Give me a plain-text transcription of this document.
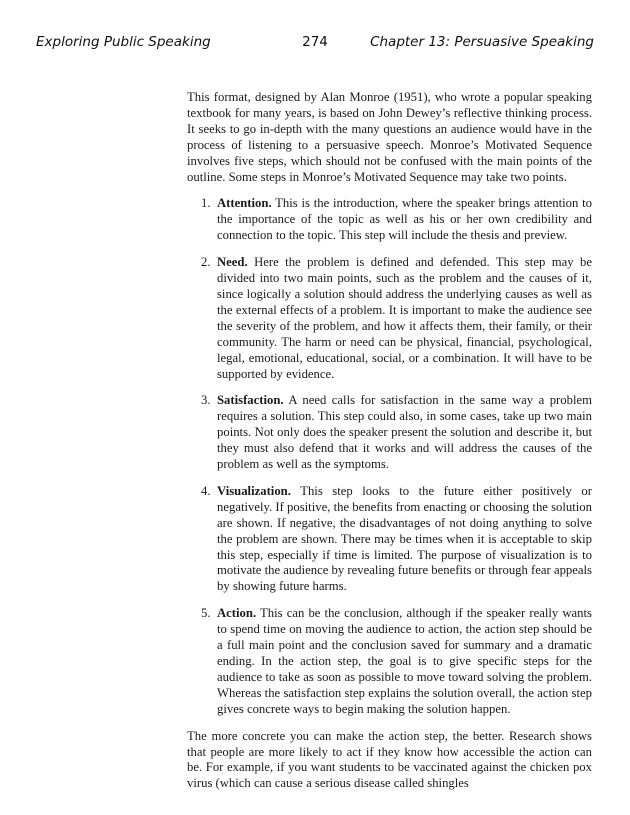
Exploring Public Speaking	274	Chapter 13: Persuasive Speaking

This format, designed by Alan Monroe (1951), who wrote a popular speaking textbook for many years, is based on John Dewey’s reflective thinking process. It seeks to go in-depth with the many questions an audience would have in the process of listening to a persuasive speech. Monroe’s Motivated Sequence involves five steps, which should not be confused with the main points of the outline. Some steps in Monroe’s Motivated Sequence may take two points.

1. Attention. This is the introduction, where the speaker brings attention to the importance of the topic as well as his or her own credibility and connection to the topic. This step will include the thesis and preview.
2. Need. Here the problem is defined and defended. This step may be divided into two main points, such as the problem and the causes of it, since logically a solution should address the underlying causes as well as the external effects of a problem. It is important to make the audience see the severity of the problem, and how it affects them, their family, or their community. The harm or need can be physical, financial, psychological, legal, emotional, educational, social, or a combination. It will have to be supported by evidence.
3. Satisfaction. A need calls for satisfaction in the same way a problem requires a solution. This step could also, in some cases, take up two main points. Not only does the speaker present the solution and describe it, but they must also defend that it works and will address the causes of the problem as well as the symptoms.
4. Visualization. This step looks to the future either positively or negatively. If positive, the benefits from enacting or choosing the solution are shown. If negative, the disadvantages of not doing anything to solve the problem are shown. There may be times when it is acceptable to skip this step, especially if time is limited. The purpose of visualization is to motivate the audience by revealing future benefits or through fear appeals by showing future harms.
5. Action. This can be the conclusion, although if the speaker really wants to spend time on moving the audience to action, the action step should be a full main point and the conclusion saved for summary and a dramatic ending. In the action step, the goal is to give specific steps for the audience to take as soon as possible to move toward solving the problem. Whereas the satisfaction step explains the solution overall, the action step gives concrete ways to begin making the solution happen.

The more concrete you can make the action step, the better. Research shows that people are more likely to act if they know how accessible the action can be. For example, if you want students to be vaccinated against the chicken pox virus (which can cause a serious disease called shingles
